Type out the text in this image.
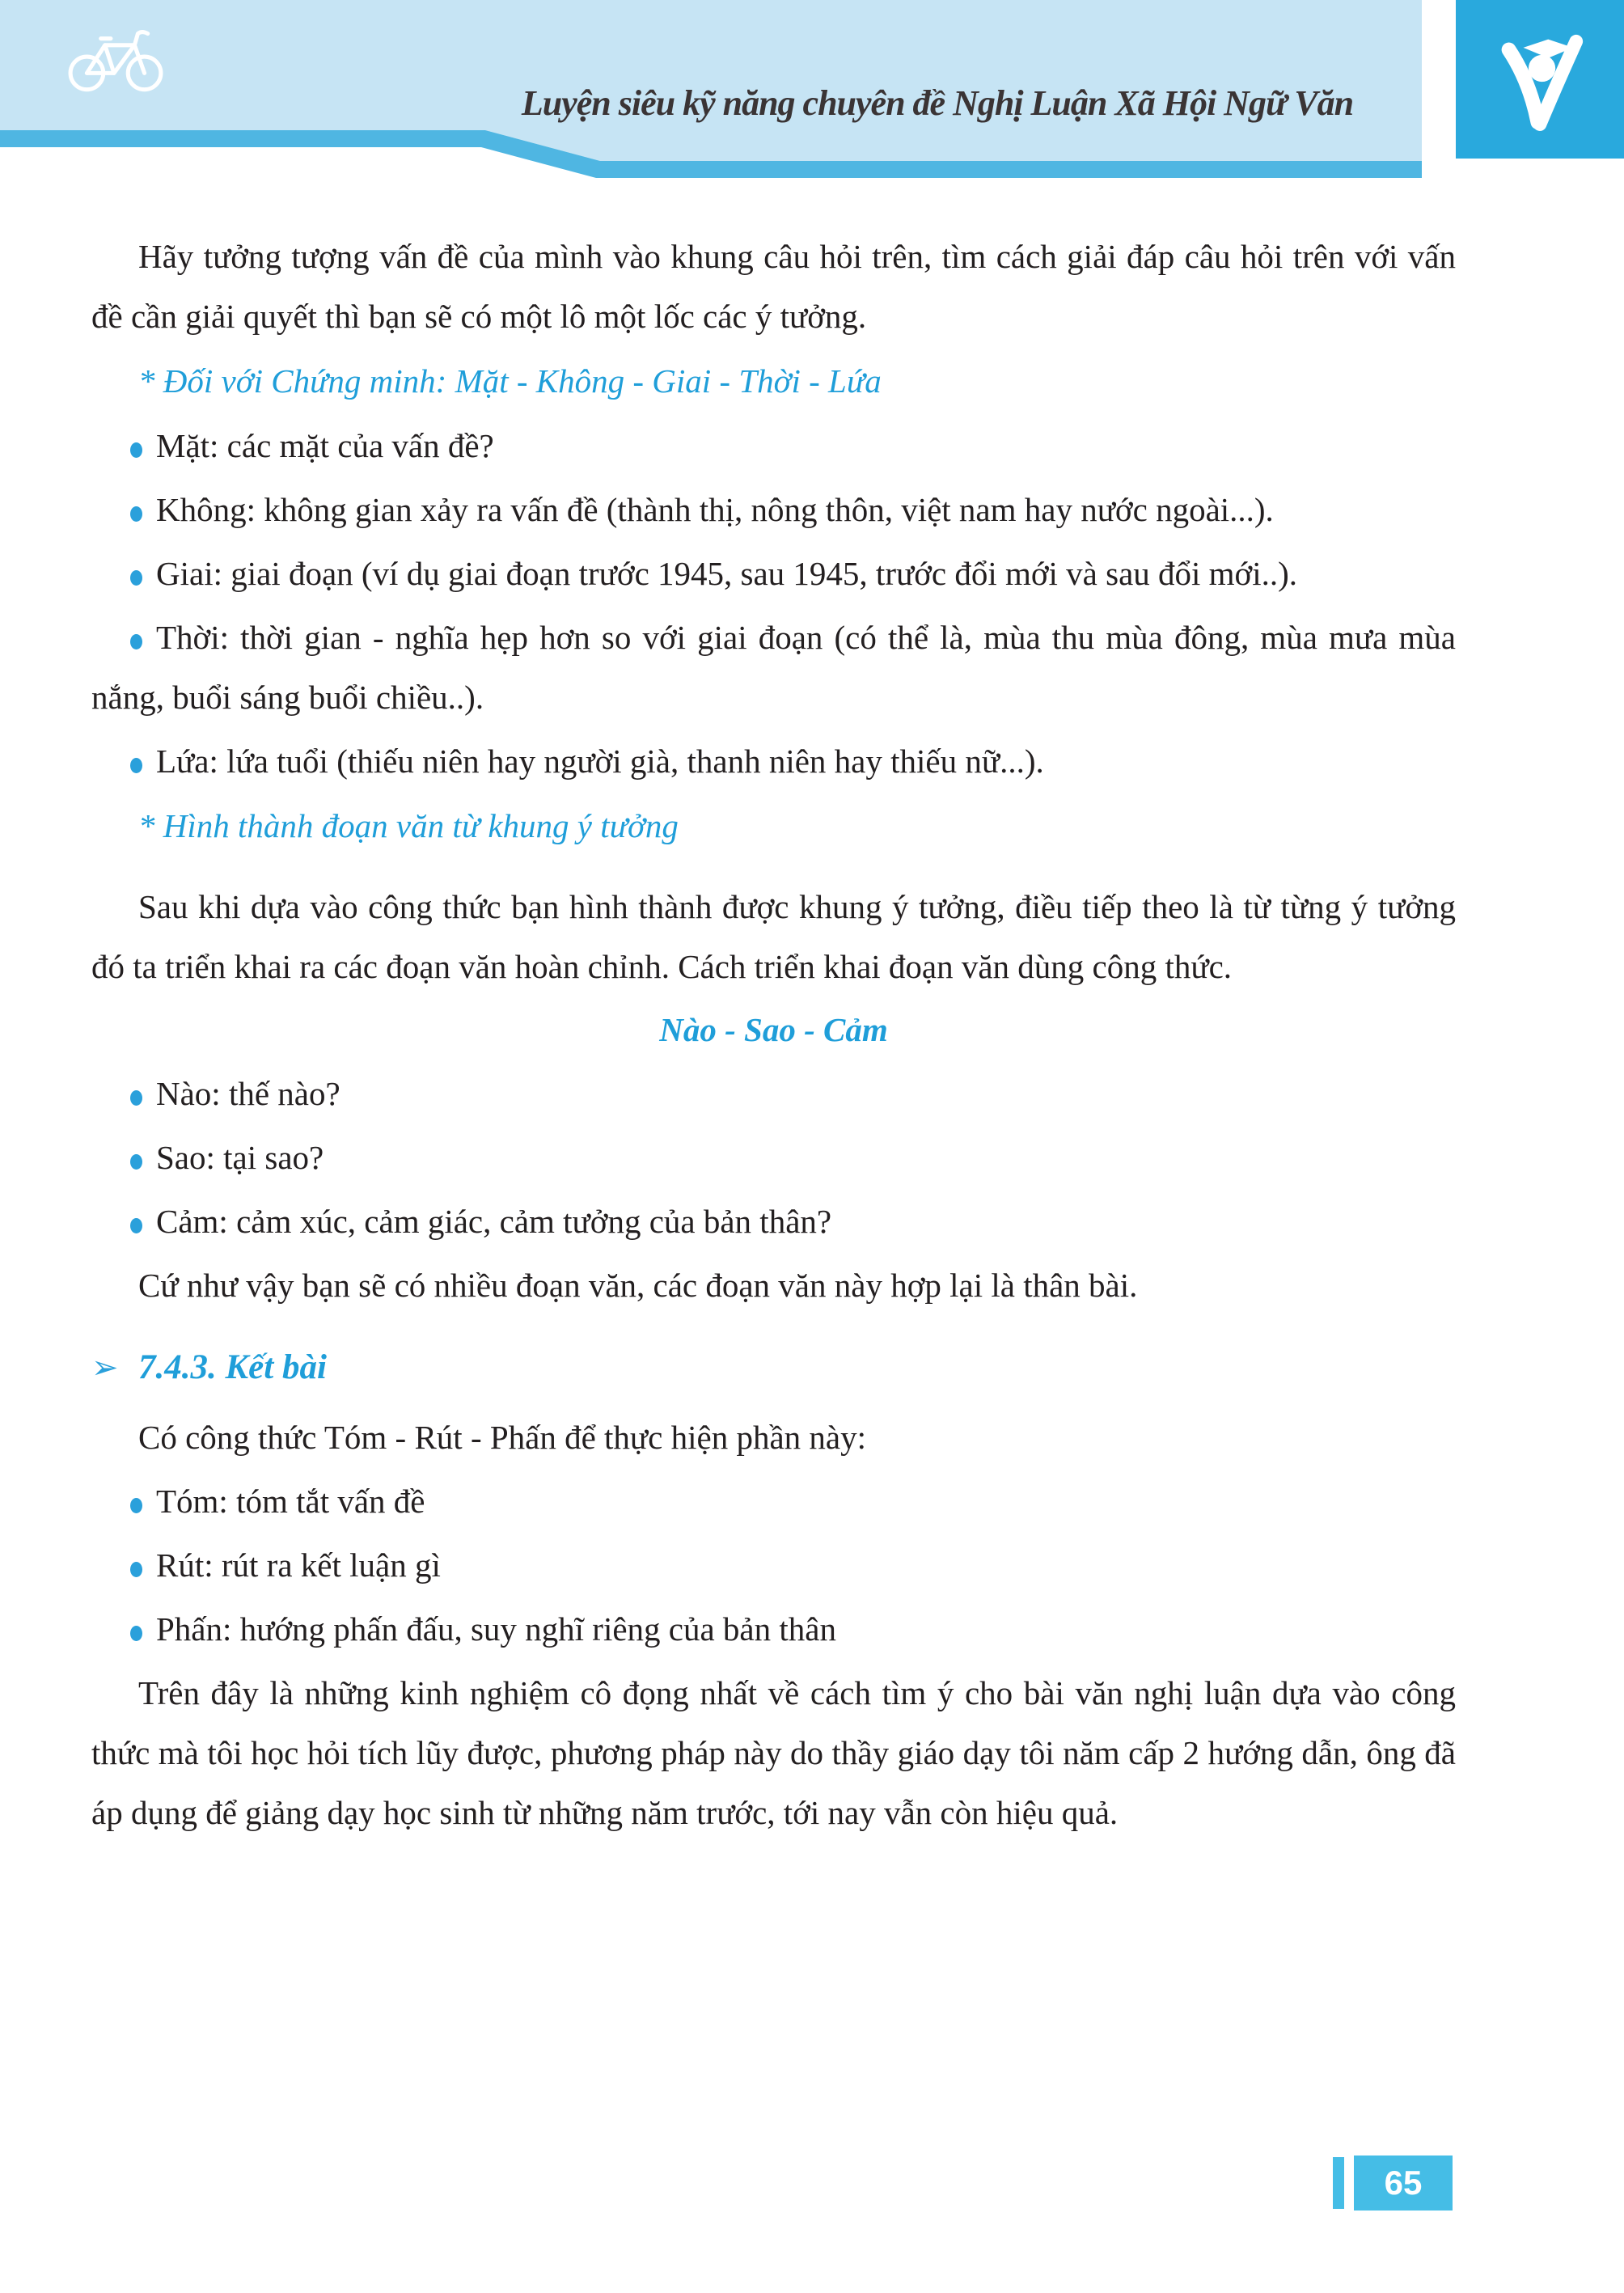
Luyện siêu kỹ năng chuyên đề Nghị Luận Xã Hội Ngữ Văn

Hãy tưởng tượng vấn đề của mình vào khung câu hỏi trên, tìm cách giải đáp câu hỏi trên với vấn đề cần giải quyết thì bạn sẽ có một lô một lốc các ý tưởng.

* Đối với Chứng minh: Mặt - Không - Giai - Thời - Lứa

Mặt: các mặt của vấn đề?

Không: không gian xảy ra vấn đề (thành thị, nông thôn, việt nam hay nước ngoài...).

Giai: giai đoạn (ví dụ giai đoạn trước 1945, sau 1945, trước đổi mới và sau đổi mới..).

Thời: thời gian - nghĩa hẹp hơn so với giai đoạn (có thể là, mùa thu mùa đông, mùa mưa mùa nắng, buổi sáng buổi chiều..).

Lứa: lứa tuổi (thiếu niên hay người già, thanh niên hay thiếu nữ...).

* Hình thành đoạn văn từ khung ý tưởng

Sau khi dựa vào công thức bạn hình thành được khung ý tưởng, điều tiếp theo là từ từng ý tưởng đó ta triển khai ra các đoạn văn hoàn chỉnh. Cách triển khai đoạn văn dùng công thức.

Nào - Sao - Cảm

Nào: thế nào?

Sao: tại sao?

Cảm: cảm xúc, cảm giác, cảm tưởng của bản thân?

Cứ như vậy bạn sẽ có nhiều đoạn văn, các đoạn văn này hợp lại là thân bài.

➢ 7.4.3. Kết bài

Có công thức Tóm - Rút - Phấn để thực hiện phần này:

Tóm: tóm tắt vấn đề

Rút: rút ra kết luận gì

Phấn: hướng phấn đấu, suy nghĩ riêng của bản thân

Trên đây là những kinh nghiệm cô đọng nhất về cách tìm ý cho bài văn nghị luận dựa vào công thức mà tôi học hỏi tích lũy được, phương pháp này do thầy giáo dạy tôi năm cấp 2 hướng dẫn, ông đã áp dụng để giảng dạy học sinh từ những năm trước, tới nay vẫn còn hiệu quả.

65
